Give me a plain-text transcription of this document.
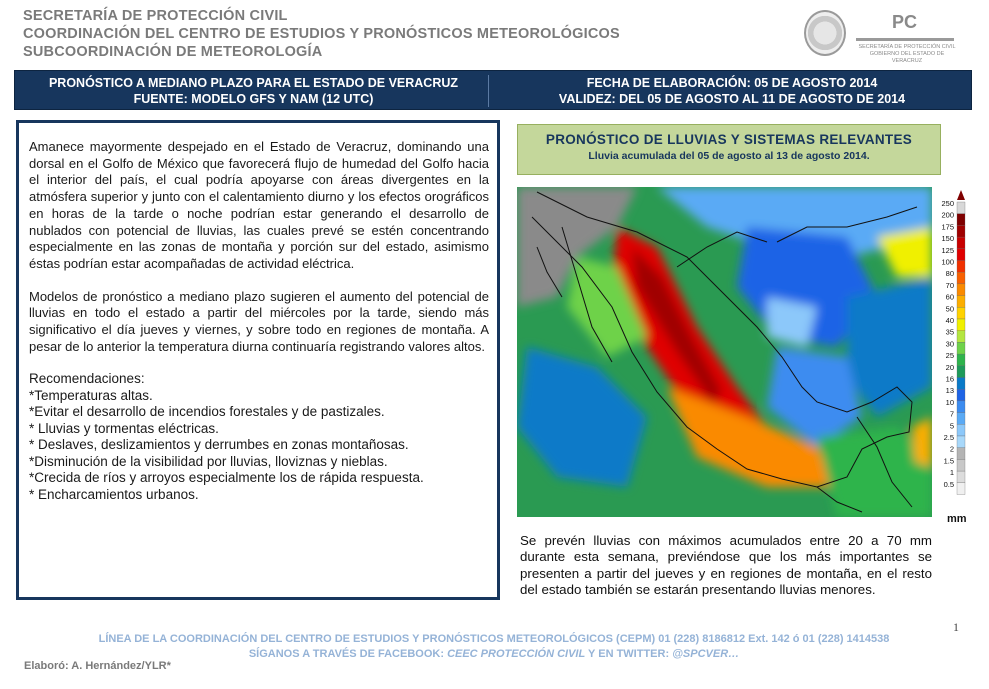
SECRETARÍA DE PROTECCIÓN CIVIL
COORDINACIÓN DEL CENTRO DE ESTUDIOS Y PRONÓSTICOS METEOROLÓGICOS
SUBCOORDINACIÓN DE METEOROLOGÍA
PC
SECRETARÍA DE PROTECCIÓN CIVIL GOBIERNO DEL ESTADO DE VERACRUZ
PRONÓSTICO A MEDIANO PLAZO PARA EL ESTADO DE VERACRUZ
FUENTE: MODELO GFS Y NAM (12 UTC)
FECHA DE ELABORACIÓN: 05 DE AGOSTO 2014
VALIDEZ: DEL 05 DE AGOSTO AL 11 DE AGOSTO DE 2014

Amanece mayormente despejado en el Estado de Veracruz, dominando una dorsal en el Golfo de México que favorecerá flujo de humedad del Golfo hacia el interior del país, el cual podría apoyarse con áreas divergentes en la atmósfera superior y junto con el calentamiento diurno y los efectos orográficos en horas de la tarde o noche podrían estar generando el desarrollo de nublados con potencial de lluvias, las cuales prevé se estén concentrando especialmente en las zonas de montaña y porción sur del estado, asimismo éstas podrían estar acompañadas de actividad eléctrica.

Modelos de pronóstico a mediano plazo sugieren el aumento del potencial de lluvias en todo el estado a partir del miércoles por la tarde, siendo más significativo el día jueves y viernes, y sobre todo en regiones de montaña. A pesar de lo anterior la temperatura diurna continuaría registrando valores altos.

Recomendaciones:
*Temperaturas altas.
*Evitar el desarrollo de incendios forestales y de pastizales.
* Lluvias y tormentas eléctricas.
* Deslaves, deslizamientos y derrumbes en zonas montañosas.
*Disminución de la visibilidad por lluvias, lloviznas y nieblas.
*Crecida de ríos y arroyos especialmente los de rápida respuesta.
* Encharcamientos urbanos.
PRONÓSTICO DE LLUVIAS Y SISTEMAS RELEVANTES
Lluvia acumulada del 05 de agosto al 13 de agosto 2014.
250
200
175
150
125
100
80
70
60
50
40
35
30
25
20
16
13
10
7
5
2.5
2
1.5
1
0.5
mm
Se prevén lluvias con máximos acumulados entre 20 a 70 mm durante esta semana, previéndose que los más importantes se presenten a partir del jueves y en regiones de montaña, en el resto del estado también se estarán presentando lluvias menores.
1
LÍNEA DE LA COORDINACIÓN DEL CENTRO DE ESTUDIOS Y PRONÓSTICOS METEOROLÓGICOS (CEPM) 01 (228) 8186812 Ext. 142 ó 01 (228) 1414538
SÍGANOS A TRAVÉS DE FACEBOOK: CEEC PROTECCIÓN CIVIL Y EN TWITTER: @SPCVER…
Elaboró: A. Hernández/YLR*
